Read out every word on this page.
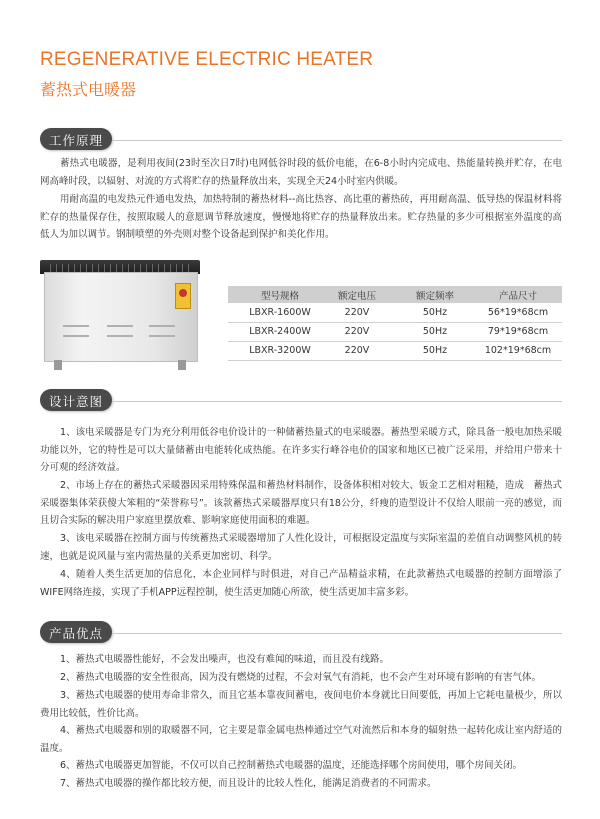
REGENERATIVE ELECTRIC HEATER
蓄热式电暖器
工作原理

蓄热式电暖器，是利用夜间(23时至次日7时)电网低谷时段的低价电能，在6-8小时内完成电、热能量转换并贮存，在电网高峰时段，以辐射、对流的方式将贮存的热量释放出来，实现全天24小时室内供暖。

用耐高温的电发热元件通电发热，加热特制的蓄热材料--高比热容、高比重的蓄热砖，再用耐高温、低导热的保温材料将贮存的热量保存住，按照取暖人的意愿调节释放速度，慢慢地将贮存的热量释放出来。贮存热量的多少可根据室外温度的高低人为加以调节。钢制喷塑的外壳则对整个设备起到保护和美化作用。

型号规格	额定电压	额定频率	产品尺寸
LBXR-1600W	220V	50Hz	56*19*68cm
LBXR-2400W	220V	50Hz	79*19*68cm
LBXR-3200W	220V	50Hz	102*19*68cm
设计意图

1、该电采暖器是专门为充分利用低谷电价设计的一种储蓄热量式的电采暖器。蓄热型采暖方式，除具备一般电加热采暖功能以外，它的特性是可以大量储蓄由电能转化成热能。在许多实行峰谷电价的国家和地区已被广泛采用，并给用户带来十分可观的经济效益。

2、市场上存在的蓄热式采暖器因采用特殊保温和蓄热材料制作，设备体积相对较大、钣金工艺相对粗糙，造成　蓄热式采暖器集体荣获傻大笨粗的“荣誉称号”。该款蓄热式采暖器厚度只有18公分，纤瘦的造型设计不仅给人眼前一亮的感觉，而且切合实际的解决用户家庭里摆放难、影响家庭使用面积的难题。

3、该电采暖器在控制方面与传统蓄热式采暖器增加了人性化设计，可根据设定温度与实际室温的差值自动调整风机的转速，也就是说风量与室内需热量的关系更加密切、科学。

4、随着人类生活更加的信息化，本企业同样与时俱进，对自己产品精益求精，在此款蓄热式电暖器的控制方面增添了WIFE网络连接，实现了手机APP远程控制，使生活更加随心所欲，使生活更加丰富多彩。

产品优点

1、蓄热式电暖器性能好，不会发出噪声，也没有难闻的味道，而且没有线路。

2、蓄热式电暖器的安全性很高，因为没有燃烧的过程，不会对氧气有消耗，也不会产生对环境有影响的有害气体。

3、蓄热式电暖器的使用寿命非常久，而且它基本靠夜间蓄电，夜间电价本身就比日间要低，再加上它耗电量极少，所以费用比较低，性价比高。

4、蓄热式电暖器和别的取暖器不同，它主要是靠金属电热棒通过空气对流然后和本身的辐射热一起转化成让室内舒适的温度。

6、蓄热式电暖器更加智能，不仅可以自己控制蓄热式电暖器的温度，还能选择哪个房间使用，哪个房间关闭。

7、蓄热式电暖器的操作都比较方便，而且设计的比较人性化，能满足消费者的不同需求。
